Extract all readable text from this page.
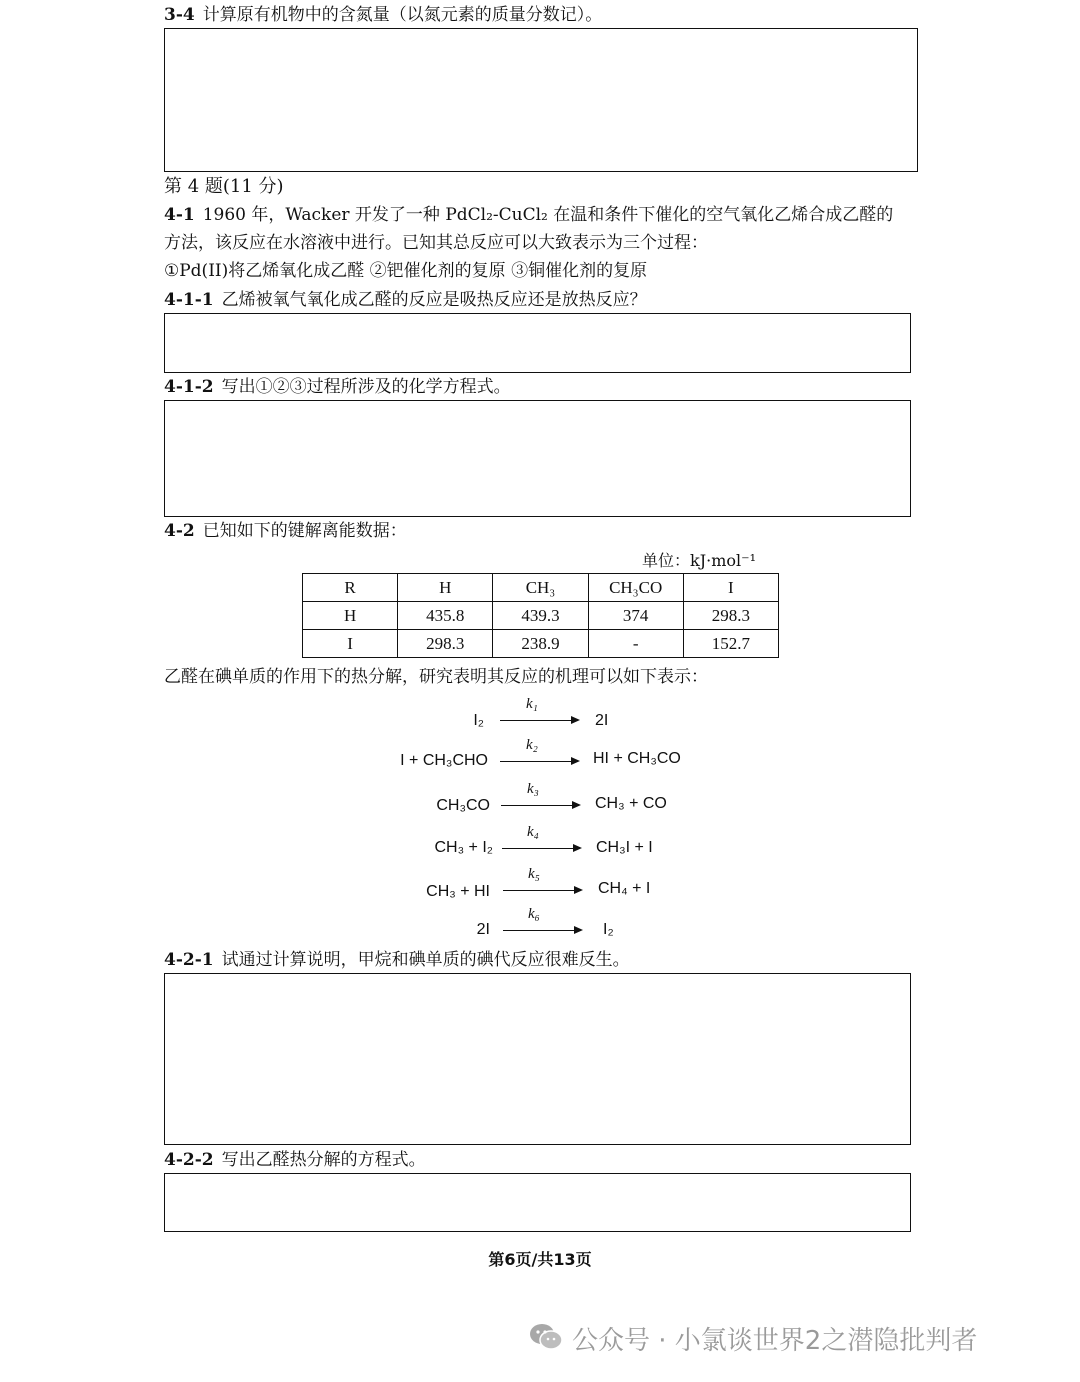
3-4 计算原有机物中的含氮量（以氮元素的质量分数记）。
第 4 题(11 分)
4-1 1960 年，Wacker 开发了一种 PdCl₂-CuCl₂ 在温和条件下催化的空气氧化乙烯合成乙醛的
方法，该反应在水溶液中进行。已知其总反应可以大致表示为三个过程：
①Pd(II)将乙烯氧化成乙醛 ②钯催化剂的复原 ③铜催化剂的复原
4-1-1 乙烯被氧气氧化成乙醛的反应是吸热反应还是放热反应？
4-1-2 写出①②③过程所涉及的化学方程式。
4-2 已知如下的键解离能数据：
单位：kJ·mol⁻¹
R	H	CH₃	CH₃CO	I
H	435.8	439.3	374	298.3
I	298.3	238.9	-	152.7
乙醛在碘单质的作用下的热分解，研究表明其反应的机理可以如下表示：
I₂
k₁
2I
I + CH₃CHO
k₂
HI + CH₃CO
CH₃CO
k₃
CH₃ + CO
CH₃ + I₂
k₄
CH₃I + I
CH₃ + HI
k₅
CH₄ + I
2I
k₆
I₂
4-2-1 试通过计算说明，甲烷和碘单质的碘代反应很难反生。
4-2-2 写出乙醛热分解的方程式。
第6页/共13页
公众号 · 小氯谈世界2之潜隐批判者
